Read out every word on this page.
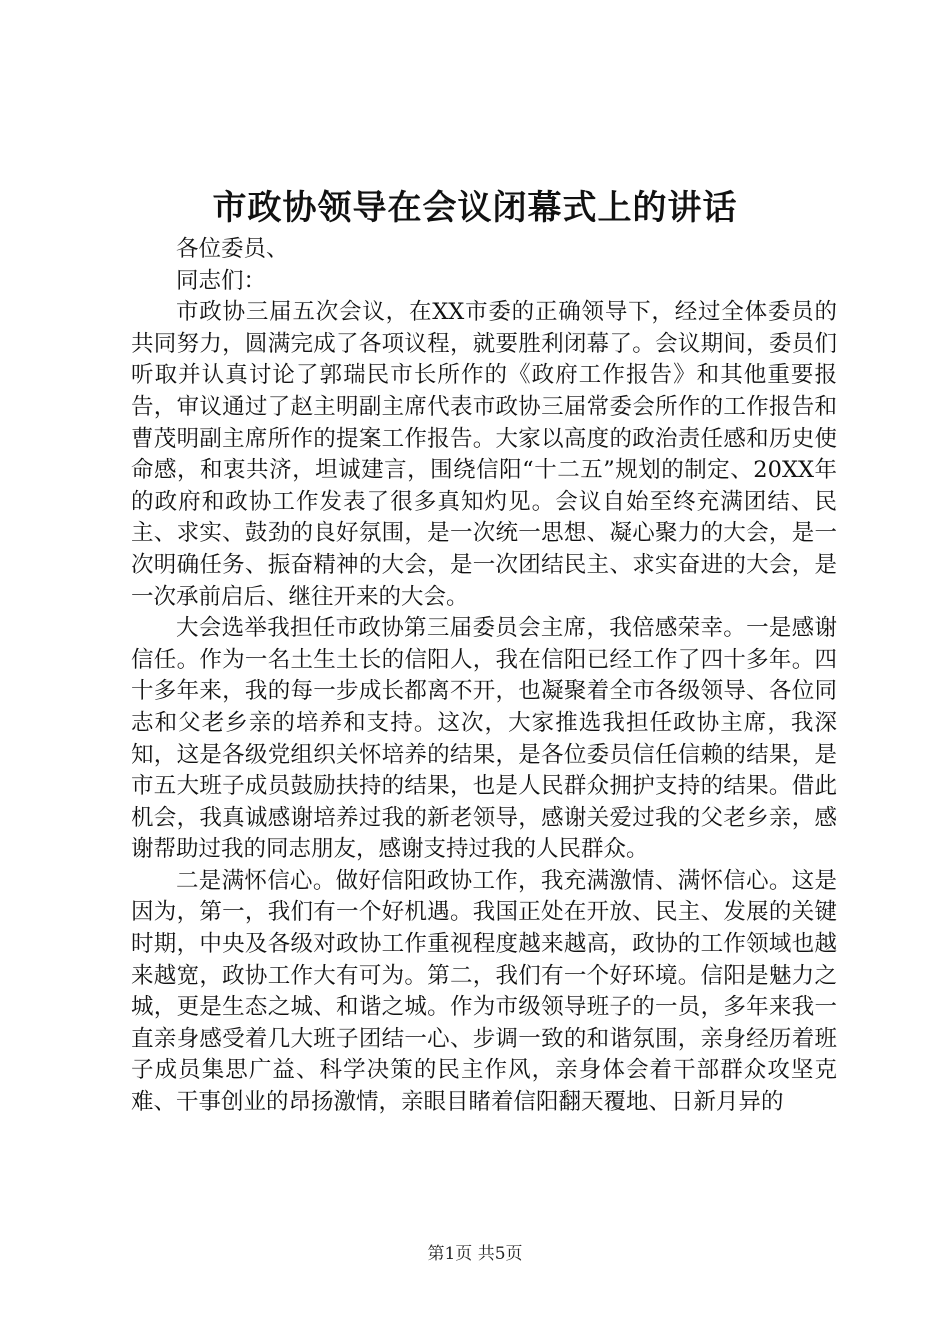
市政协领导在会议闭幕式上的讲话

各位委员、

同志们：

市政协三届五次会议，在XX市委的正确领导下，经过全体委员的共同努力，圆满完成了各项议程，就要胜利闭幕了。会议期间，委员们听取并认真讨论了郭瑞民市长所作的《政府工作报告》和其他重要报告，审议通过了赵主明副主席代表市政协三届常委会所作的工作报告和曹茂明副主席所作的提案工作报告。大家以高度的政治责任感和历史使命感，和衷共济，坦诚建言，围绕信阳“十二五”规划的制定、20XX年的政府和政协工作发表了很多真知灼见。会议自始至终充满团结、民主、求实、鼓劲的良好氛围，是一次统一思想、凝心聚力的大会，是一次明确任务、振奋精神的大会，是一次团结民主、求实奋进的大会，是一次承前启后、继往开来的大会。

大会选举我担任市政协第三届委员会主席，我倍感荣幸。一是感谢信任。作为一名土生土长的信阳人，我在信阳已经工作了四十多年。四十多年来，我的每一步成长都离不开，也凝聚着全市各级领导、各位同志和父老乡亲的培养和支持。这次，大家推选我担任政协主席，我深知，这是各级党组织关怀培养的结果，是各位委员信任信赖的结果，是市五大班子成员鼓励扶持的结果，也是人民群众拥护支持的结果。借此机会，我真诚感谢培养过我的新老领导，感谢关爱过我的父老乡亲，感谢帮助过我的同志朋友，感谢支持过我的人民群众。

二是满怀信心。做好信阳政协工作，我充满激情、满怀信心。这是因为，第一，我们有一个好机遇。我国正处在开放、民主、发展的关键时期，中央及各级对政协工作重视程度越来越高，政协的工作领域也越来越宽，政协工作大有可为。第二，我们有一个好环境。信阳是魅力之城，更是生态之城、和谐之城。作为市级领导班子的一员，多年来我一直亲身感受着几大班子团结一心、步调一致的和谐氛围，亲身经历着班子成员集思广益、科学决策的民主作风，亲身体会着干部群众攻坚克难、干事创业的昂扬激情，亲眼目睹着信阳翻天覆地、日新月异的

第1页 共5页
